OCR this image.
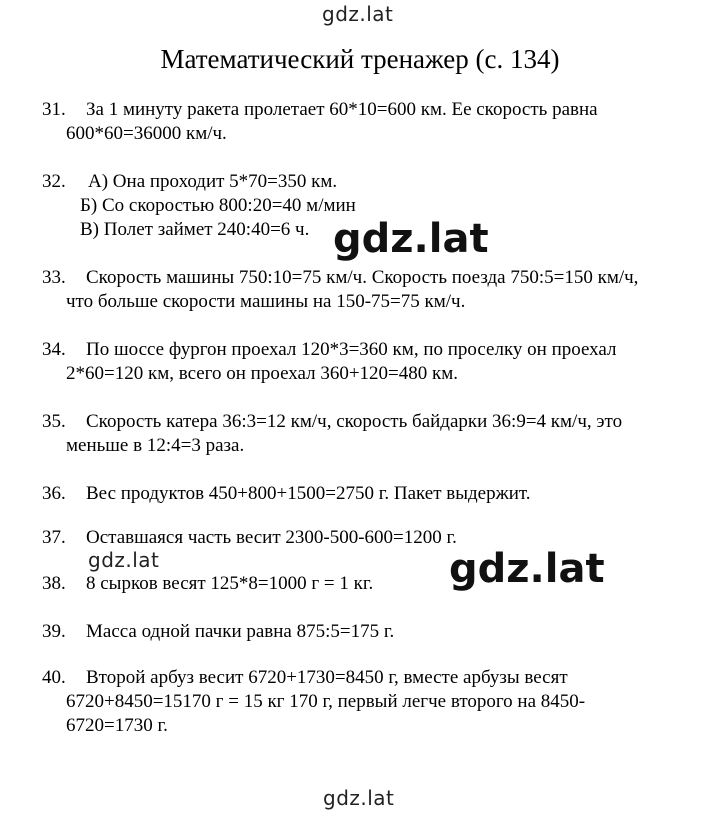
gdz.lat
Математический тренажер (с. 134)
31. За 1 минуту ракета пролетает 60*10=600 км. Ее скорость равна
600*60=36000 км/ч.
32. А) Она проходит 5*70=350 км.
Б) Со скоростью 800:20=40 м/мин
В) Полет займет 240:40=6 ч. gdz.lat
33. Скорость машины 750:10=75 км/ч. Скорость поезда 750:5=150 км/ч,
что больше скорости машины на 150-75=75 км/ч.
34. По шоссе фургон проехал 120*3=360 км, по проселку он проехал
2*60=120 км, всего он проехал 360+120=480 км.
35. Скорость катера 36:3=12 км/ч, скорость байдарки 36:9=4 км/ч, это
меньше в 12:4=3 раза.
36. Вес продуктов 450+800+1500=2750 г. Пакет выдержит.
37. Оставшаяся часть весит 2300-500-600=1200 г.
gdz.lat
38. 8 сырков весят 125*8=1000 г = 1 кг. gdz.lat
39. Масса одной пачки равна 875:5=175 г.
40. Второй арбуз весит 6720+1730=8450 г, вместе арбузы весят
6720+8450=15170 г = 15 кг 170 г, первый легче второго на 8450-
6720=1730 г.
gdz.lat
